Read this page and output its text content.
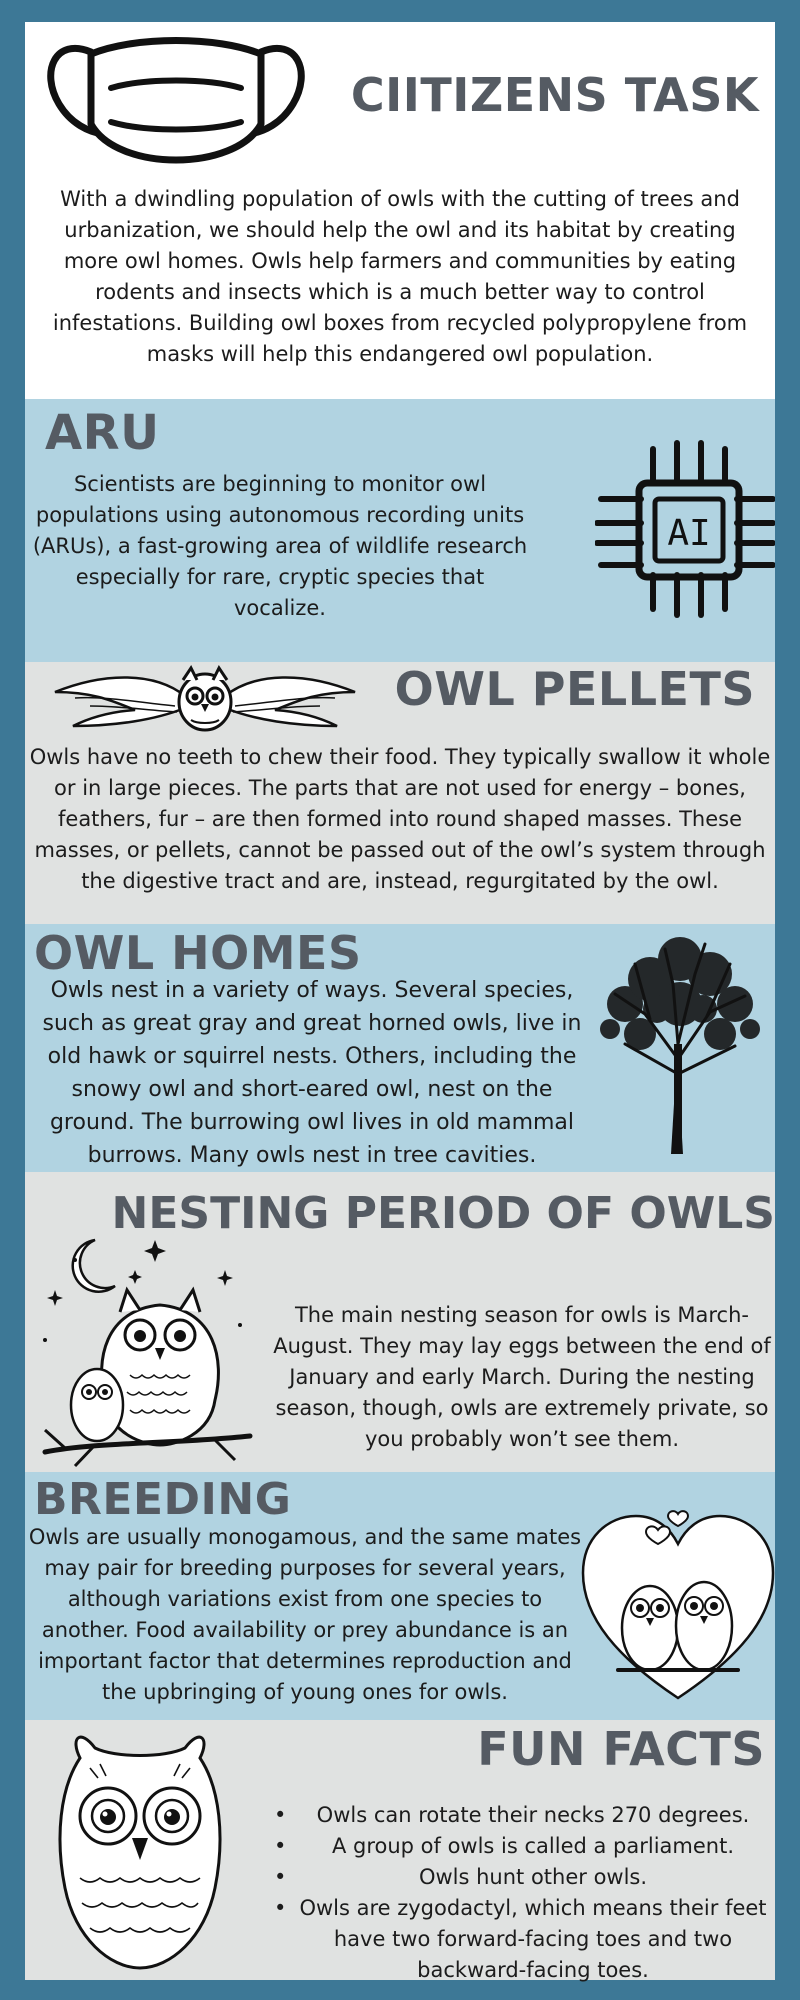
CIITIZENS TASK

With a dwindling population of owls with the cutting of trees and urbanization, we should help the owl and its habitat by creating more owl homes. Owls help farmers and communities by eating rodents and insects which is a much better way to control infestations. Building owl boxes from recycled polypropylene from masks will help this endangered owl population.

ARU

Scientists are beginning to monitor owl populations using autonomous recording units (ARUs), a fast-growing area of wildlife research especially for rare, cryptic species that vocalize.

AI
OWL PELLETS

Owls have no teeth to chew their food. They typically swallow it whole or in large pieces. The parts that are not used for energy – bones, feathers, fur – are then formed into round shaped masses. These masses, or pellets, cannot be passed out of the owl’s system through the digestive tract and are, instead, regurgitated by the owl.

OWL HOMES

Owls nest in a variety of ways. Several species, such as great gray and great horned owls, live in old hawk or squirrel nests. Others, including the snowy owl and short-eared owl, nest on the ground. The burrowing owl lives in old mammal burrows. Many owls nest in tree cavities.

NESTING PERIOD OF OWLS

The main nesting season for owls is March-August. They may lay eggs between the end of January and early March. During the nesting season, though, owls are extremely private, so you probably won’t see them.

BREEDING

Owls are usually monogamous, and the same mates may pair for breeding purposes for several years, although variations exist from one species to another. Food availability or prey abundance is an important factor that determines reproduction and the upbringing of young ones for owls.

FUN FACTS
• Owls can rotate their necks 270 degrees.
• A group of owls is called a parliament.
• Owls hunt other owls.
• Owls are zygodactyl, which means their feet have two forward-facing toes and two backward-facing toes.
